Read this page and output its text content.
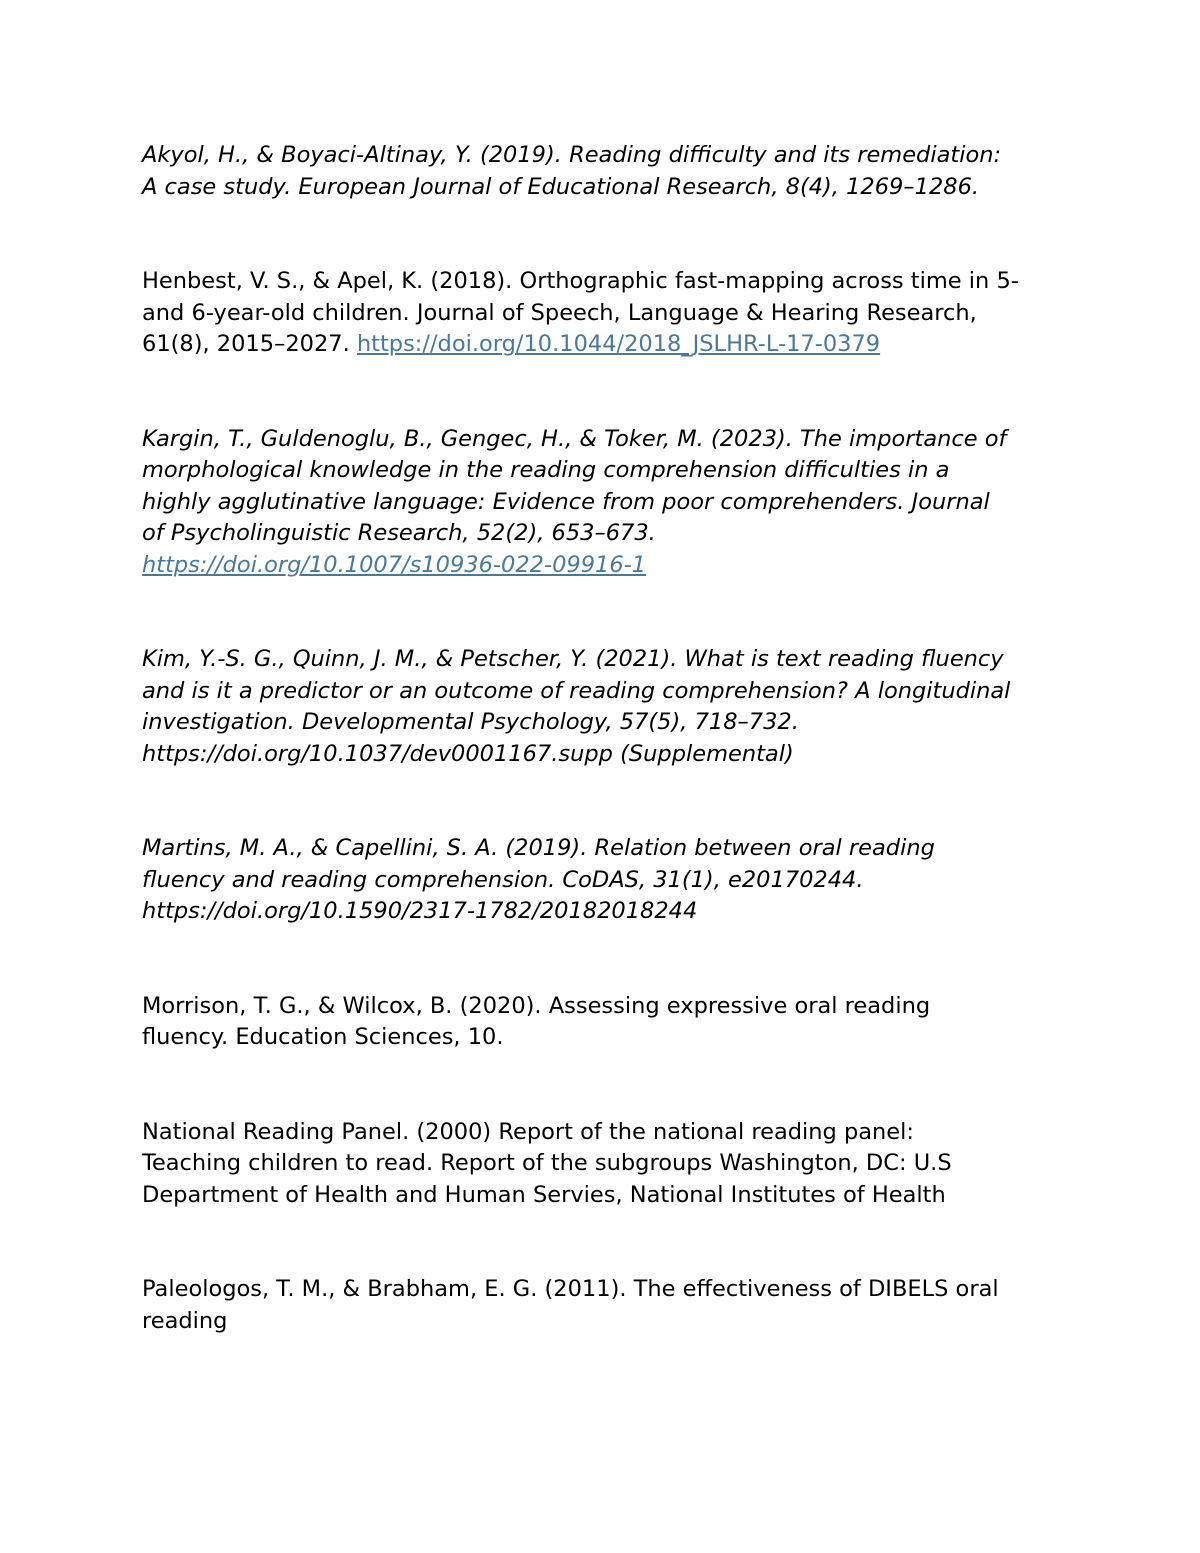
Akyol, H., & Boyaci-Altinay, Y. (2019). Reading difficulty and its remediation:
A case study. European Journal of Educational Research, 8(4), 1269–1286.

Henbest, V. S., & Apel, K. (2018). Orthographic fast-mapping across time in 5-
and 6-year-old children. Journal of Speech, Language & Hearing Research,
61(8), 2015–2027. https://doi.org/10.1044/2018_JSLHR-L-17-0379

Kargin, T., Guldenoglu, B., Gengec, H., & Toker, M. (2023). The importance of
morphological knowledge in the reading comprehension difficulties in a
highly agglutinative language: Evidence from poor comprehenders. Journal
of Psycholinguistic Research, 52(2), 653–673.
https://doi.org/10.1007/s10936-022-09916-1

Kim, Y.-S. G., Quinn, J. M., & Petscher, Y. (2021). What is text reading fluency
and is it a predictor or an outcome of reading comprehension? A longitudinal
investigation. Developmental Psychology, 57(5), 718–732.
https://doi.org/10.1037/dev0001167.supp (Supplemental)

Martins, M. A., & Capellini, S. A. (2019). Relation between oral reading
fluency and reading comprehension. CoDAS, 31(1), e20170244.
https://doi.org/10.1590/2317-1782/20182018244

Morrison, T. G., & Wilcox, B. (2020). Assessing expressive oral reading
fluency. Education Sciences, 10.

National Reading Panel. (2000) Report of the national reading panel:
Teaching children to read. Report of the subgroups Washington, DC: U.S
Department of Health and Human Servies, National Institutes of Health

Paleologos, T. M., & Brabham, E. G. (2011). The effectiveness of DIBELS oral
reading
